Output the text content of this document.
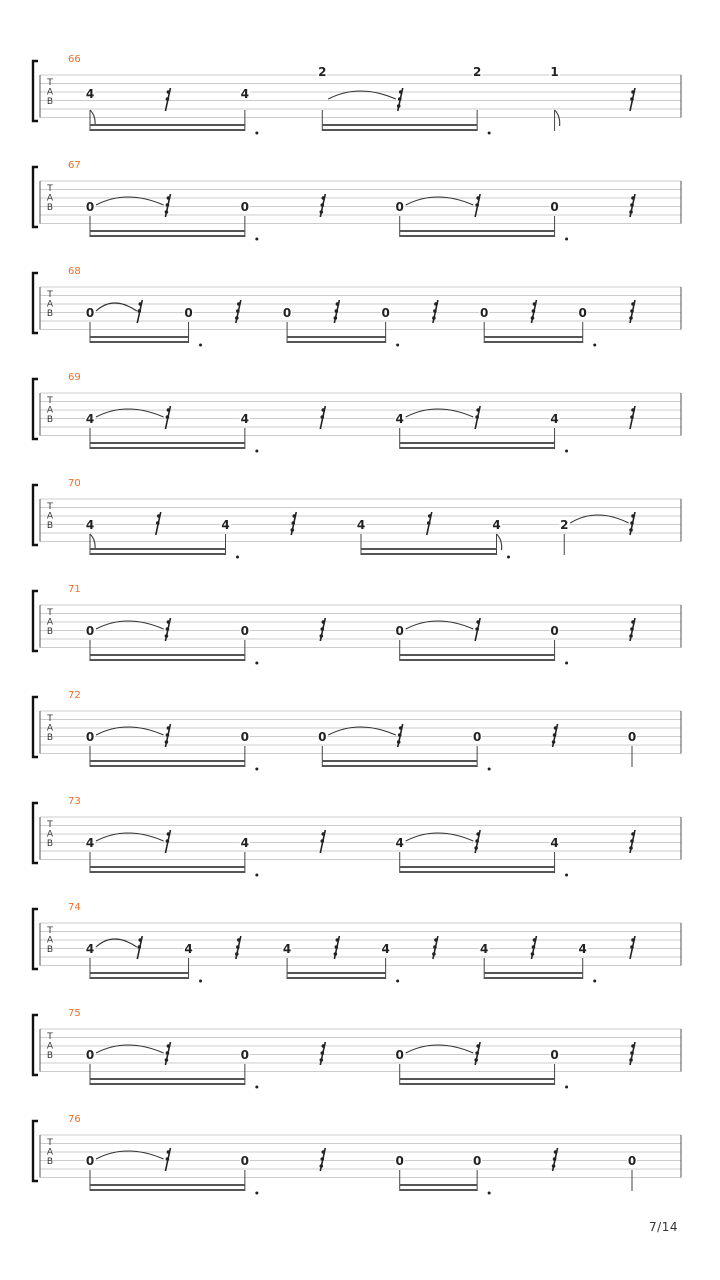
T
A
B
66
4	4
2	2	1
T
A
B
67
0	0	0	0
T
A
B
68
0	0	0	0	0	0
T
A
B
69
4	4	4	4
T
A
B
70
4	4	4	4	2
T
A
B
71
0	0	0	0
T
A
B
72
0	0	0	0	0
T
A
B
73
4	4	4	4
T
A
B
74
4	4	4	4	4	4
T
A
B
75
0	0	0	0
T
A
B
76
0	0	0	0	0
7/14
